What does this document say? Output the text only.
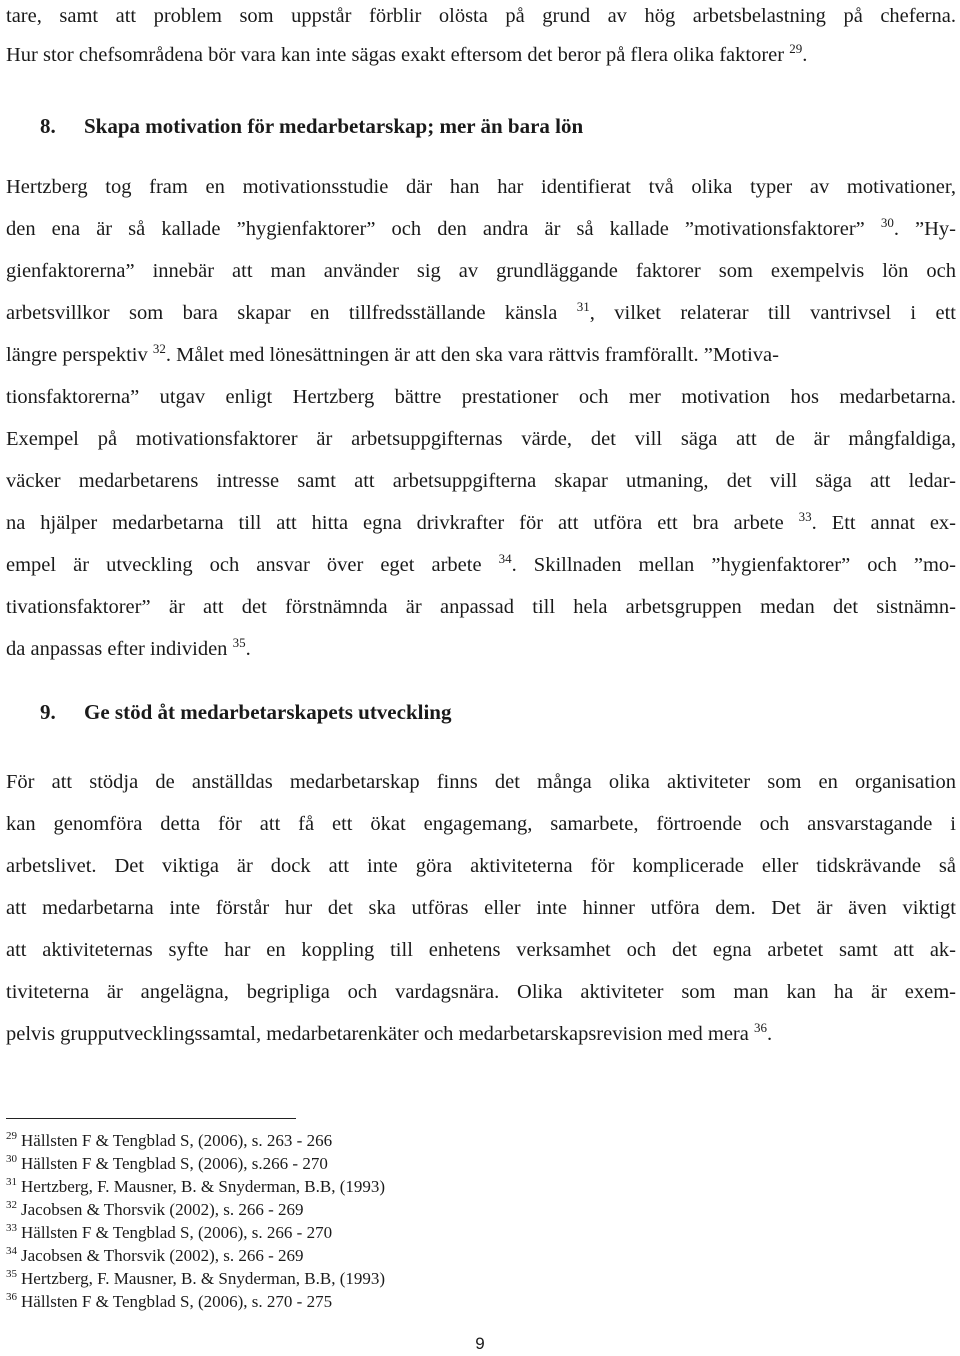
tare, samt att problem som uppstår förblir olösta på grund av hög arbetsbelastning på cheferna.
Hur stor chefsområdena bör vara kan inte sägas exakt eftersom det beror på flera olika faktorer $^{29}$.
8. Skapa motivation för medarbetarskap; mer än bara lön
Hertzberg tog fram en motivationsstudie där han har identifierat två olika typer av motivationer,
den ena är så kallade ”hygienfaktorer” och den andra är så kallade ”motivationsfaktorer” $^{30}$. ”Hy-
gienfaktorerna” innebär att man använder sig av grundläggande faktorer som exempelvis lön och
arbetsvillkor som bara skapar en tillfredsställande känsla $^{31}$, vilket relaterar till vantrivsel i ett
längre perspektiv $^{32}$. Målet med lönesättningen är att den ska vara rättvis framförallt. ”Motiva-
tionsfaktorerna” utgav enligt Hertzberg bättre prestationer och mer motivation hos medarbetarna.
Exempel på motivationsfaktorer är arbetsuppgifternas värde, det vill säga att de är mångfaldiga,
väcker medarbetarens intresse samt att arbetsuppgifterna skapar utmaning, det vill säga att ledar-
na hjälper medarbetarna till att hitta egna drivkrafter för att utföra ett bra arbete $^{33}$. Ett annat ex-
empel är utveckling och ansvar över eget arbete $^{34}$. Skillnaden mellan ”hygienfaktorer” och ”mo-
tivationsfaktorer” är att det förstnämnda är anpassad till hela arbetsgruppen medan det sistnämn-
da anpassas efter individen $^{35}$.
9. Ge stöd åt medarbetarskapets utveckling
För att stödja de anställdas medarbetarskap finns det många olika aktiviteter som en organisation
kan genomföra detta för att få ett ökat engagemang, samarbete, förtroende och ansvarstagande i
arbetslivet. Det viktiga är dock att inte göra aktiviteterna för komplicerade eller tidskrävande så
att medarbetarna inte förstår hur det ska utföras eller inte hinner utföra dem. Det är även viktigt
att aktiviteternas syfte har en koppling till enhetens verksamhet och det egna arbetet samt att ak-
tiviteterna är angelägna, begripliga och vardagsnära. Olika aktiviteter som man kan ha är exem-
pelvis grupputvecklingssamtal, medarbetarenkäter och medarbetarskapsrevision med mera $^{36}$.
$^{29}$ Hällsten F & Tengblad S, (2006), s. 263 - 266
$^{30}$ Hällsten F & Tengblad S, (2006), s.266 - 270
$^{31}$ Hertzberg, F. Mausner, B. & Snyderman, B.B, (1993)
$^{32}$ Jacobsen & Thorsvik (2002), s. 266 - 269
$^{33}$ Hällsten F & Tengblad S, (2006), s. 266 - 270
$^{34}$ Jacobsen & Thorsvik (2002), s. 266 - 269
$^{35}$ Hertzberg, F. Mausner, B. & Snyderman, B.B, (1993)
$^{36}$ Hällsten F & Tengblad S, (2006), s. 270 - 275
9
